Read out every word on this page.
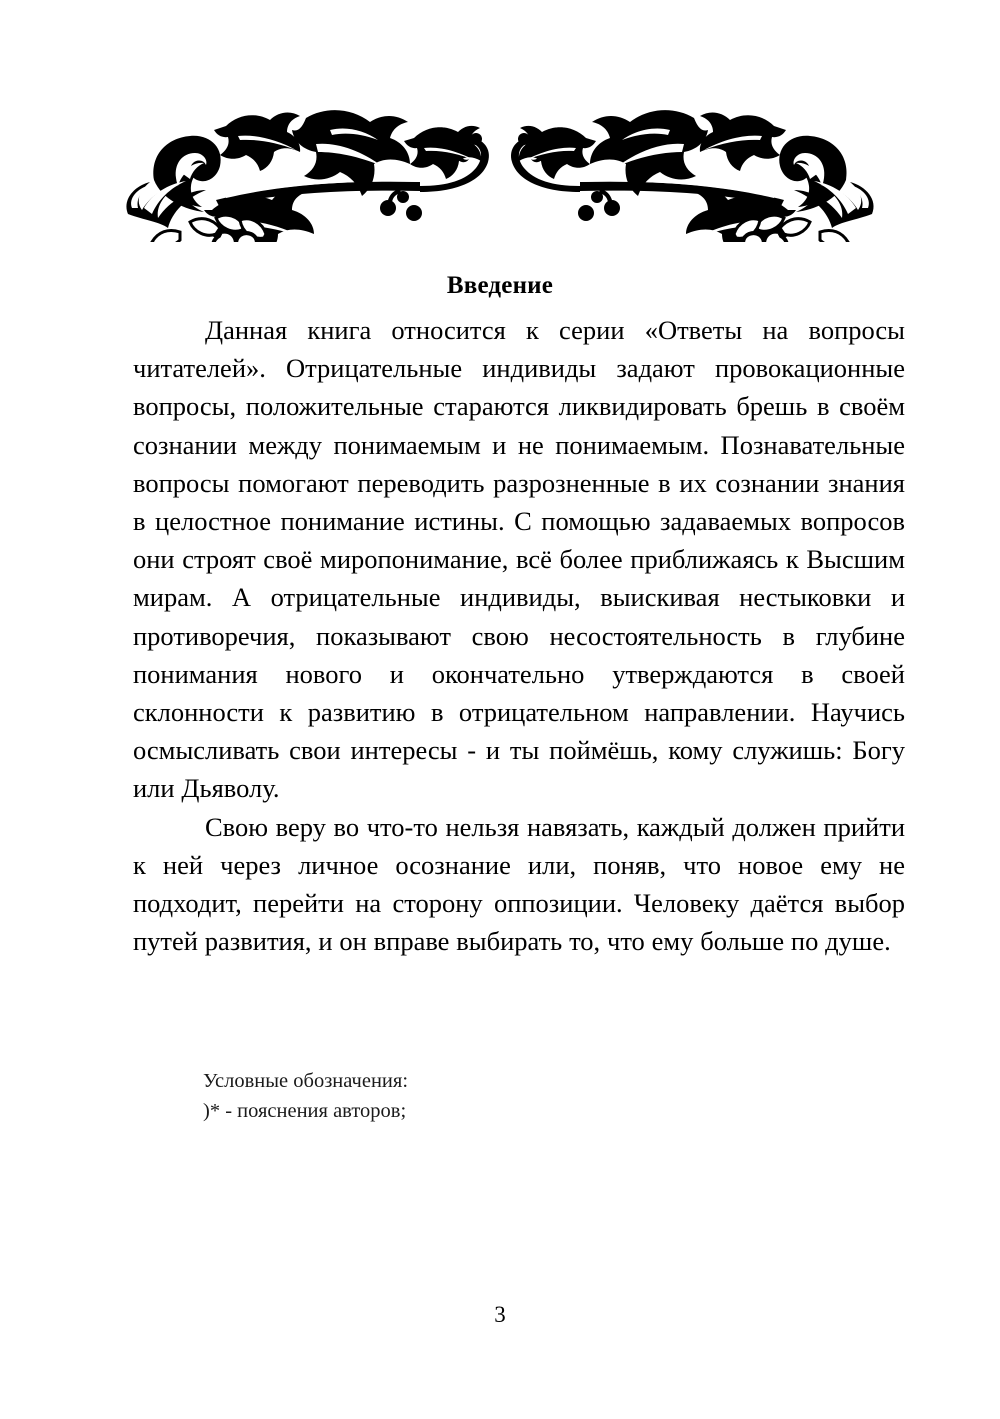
Введение

Данная книга относится к серии «Ответы на вопросы читателей». Отрицательные индивиды задают провокационные вопросы, положительные стараются ликвидировать брешь в своём сознании между понимаемым и не понимаемым. Познавательные вопросы помогают переводить разрозненные в их сознании знания в целостное понимание истины. С помощью задаваемых вопросов они строят своё миропонимание, всё более приближаясь к Высшим мирам. А отрицательные индивиды, выискивая нестыковки и противоречия, показывают свою несостоятельность в глубине понимания нового и окончательно утверждаются в своей склонности к развитию в отрицательном направлении. Научись осмысливать свои интересы - и ты поймёшь, кому служишь: Богу или Дьяволу.

Свою веру во что-то нельзя навязать, каждый должен прийти к ней через личное осознание или, поняв, что новое ему не подходит, перейти на сторону оппозиции. Человеку даётся выбор путей развития, и он вправе выбирать то, что ему больше по душе.

Условные обозначения:

)* - пояснения авторов;

3
